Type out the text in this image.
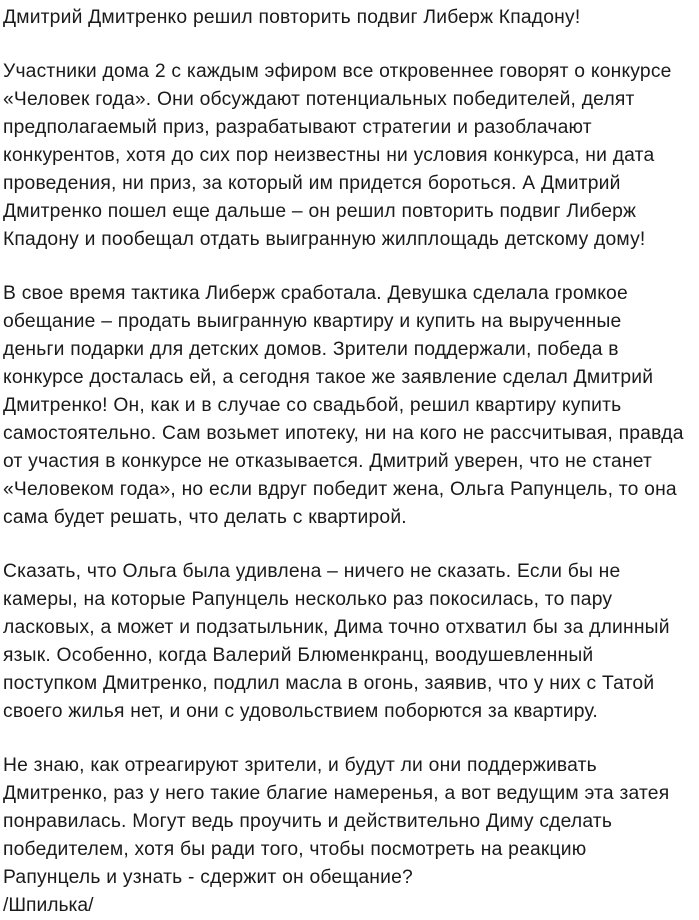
Дмитрий Дмитренко решил повторить подвиг Либерж Кпадону!

Участники дома 2 с каждым эфиром все откровеннее говорят о конкурсе «Человек года». Они обсуждают потенциальных победителей, делят предполагаемый приз, разрабатывают стратегии и разоблачают конкурентов, хотя до сих пор неизвестны ни условия конкурса, ни дата проведения, ни приз, за который им придется бороться. А Дмитрий Дмитренко пошел еще дальше – он решил повторить подвиг Либерж Кпадону и пообещал отдать выигранную жилплощадь детскому дому!

В свое время тактика Либерж сработала. Девушка сделала громкое обещание – продать выигранную квартиру и купить на вырученные деньги подарки для детских домов. Зрители поддержали, победа в конкурсе досталась ей, а сегодня такое же заявление сделал Дмитрий Дмитренко! Он, как и в случае со свадьбой, решил квартиру купить самостоятельно. Сам возьмет ипотеку, ни на кого не рассчитывая, правда от участия в конкурсе не отказывается. Дмитрий уверен, что не станет «Человеком года», но если вдруг победит жена, Ольга Рапунцель, то она сама будет решать, что делать с квартирой.

Сказать, что Ольга была удивлена – ничего не сказать. Если бы не камеры, на которые Рапунцель несколько раз покосилась, то пару ласковых, а может и подзатыльник, Дима точно отхватил бы за длинный язык. Особенно, когда Валерий Блюменкранц, воодушевленный поступком Дмитренко, подлил масла в огонь, заявив, что у них с Татой своего жилья нет, и они с удовольствием поборются за квартиру.

Не знаю, как отреагируют зрители, и будут ли они поддерживать Дмитренко, раз у него такие благие намеренья, а вот ведущим эта затея понравилась. Могут ведь проучить и действительно Диму сделать победителем, хотя бы ради того, чтобы посмотреть на реакцию Рапунцель и узнать - сдержит он обещание?

/Шпилька/
